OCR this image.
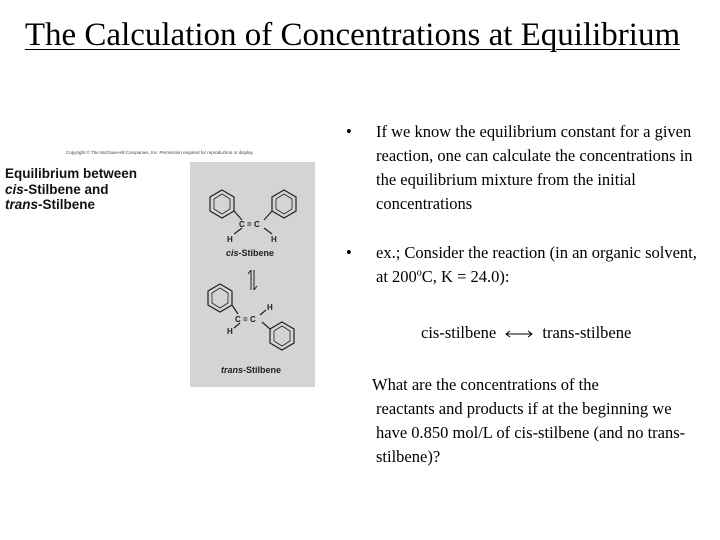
The Calculation of Concentrations at Equilibrium
Copyright © The McGraw-Hill Companies, Inc. Permission required for reproduction or display.
Equilibrium between
cis-Stilbene and
trans-Stilbene
C = C
H	H
C = C
H
H
cis-Stibene
trans-Stilbene
• If we know the equilibrium constant for a given reaction, one can calculate the concentrations in the equilibrium mixture from the initial concentrations
• ex.; Consider the reaction (in an organic solvent, at 200$^o$C, K = 24.0):
cis-stilbene	trans-stilbene
What are the concentrations of the
reactants and products if at the beginning we have 0.850 mol/L of cis-stilbene (and no trans-stilbene)?
